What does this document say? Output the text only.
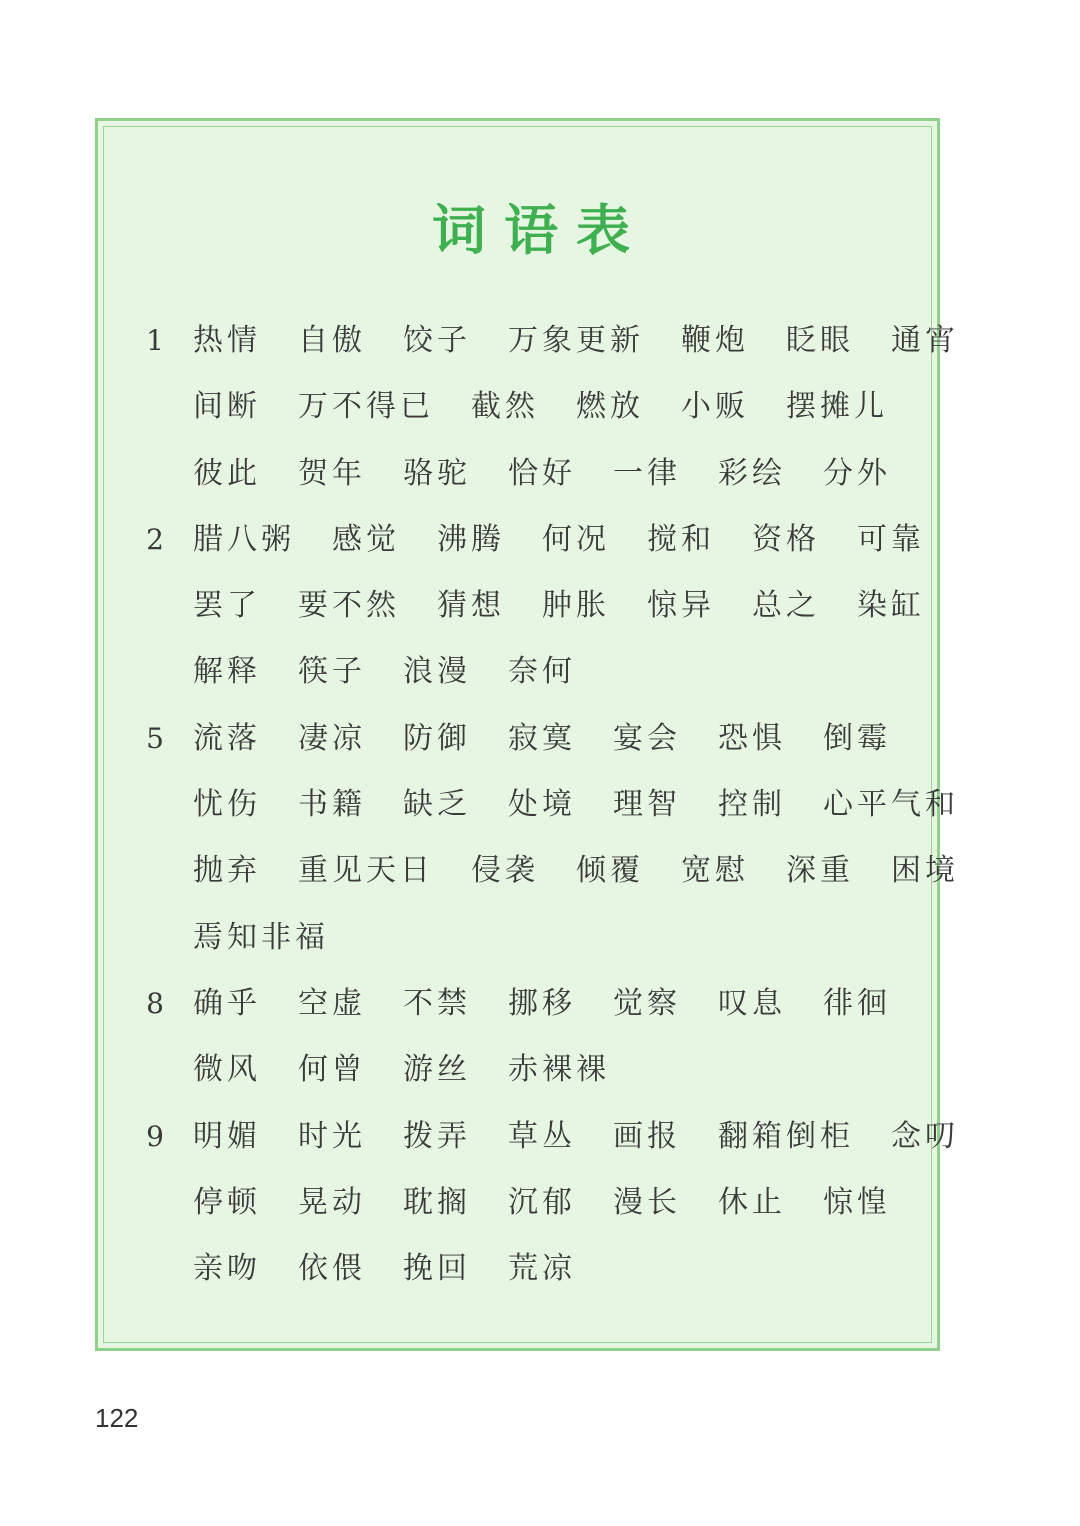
词语表
1 热情 自傲 饺子 万象更新 鞭炮 眨眼 通宵
间断 万不得已 截然 燃放 小贩 摆摊儿
彼此 贺年 骆驼 恰好 一律 彩绘 分外
2 腊八粥 感觉 沸腾 何况 搅和 资格 可靠
罢了 要不然 猜想 肿胀 惊异 总之 染缸
解释 筷子 浪漫 奈何
5 流落 凄凉 防御 寂寞 宴会 恐惧 倒霉
忧伤 书籍 缺乏 处境 理智 控制 心平气和
抛弃 重见天日 侵袭 倾覆 宽慰 深重 困境
焉知非福
8 确乎 空虚 不禁 挪移 觉察 叹息 徘徊
微风 何曾 游丝 赤裸裸
9 明媚 时光 拨弄 草丛 画报 翻箱倒柜 念叨
停顿 晃动 耽搁 沉郁 漫长 休止 惊惶
亲吻 依偎 挽回 荒凉
122
